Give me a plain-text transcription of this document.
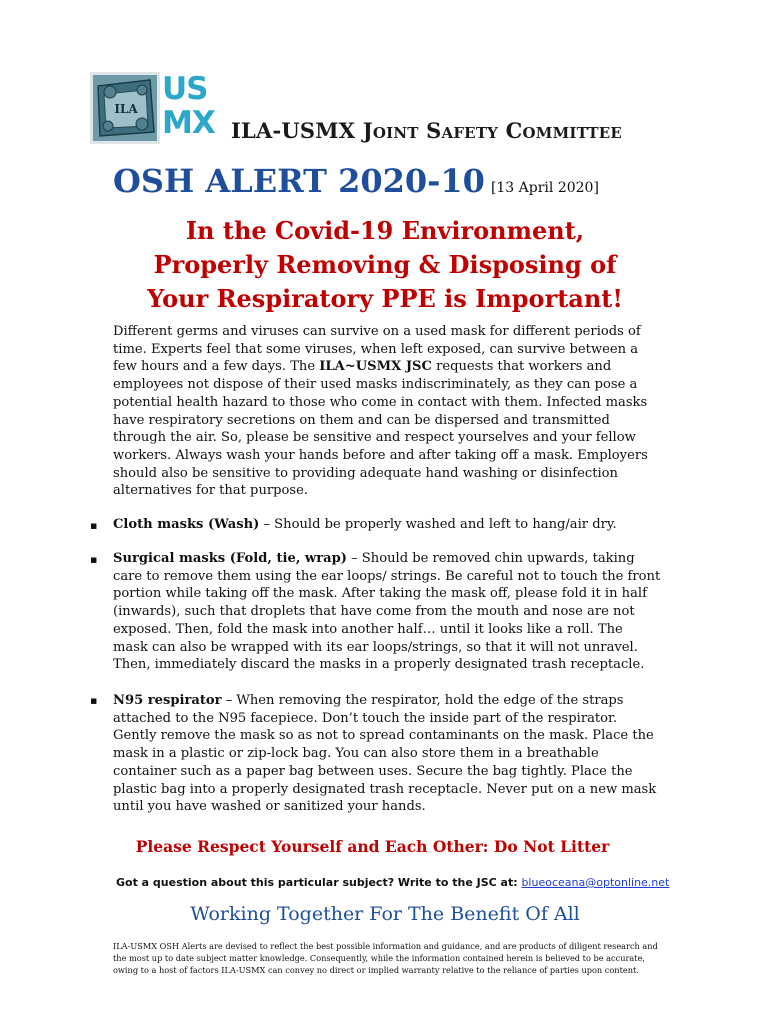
ILA
US
MX ILA-USMX Joint Safety Committee
OSH ALERT 2020-10 [13 April 2020]
In the Covid-19 Environment,
Properly Removing & Disposing of
Your Respiratory PPE is Important!
Different germs and viruses can survive on a used mask for different periods of time. Experts feel that some viruses, when left exposed, can survive between a few hours and a few days. The ILA~USMX JSC requests that workers and employees not dispose of their used masks indiscriminately, as they can pose a potential health hazard to those who come in contact with them. Infected masks have respiratory secretions on them and can be dispersed and transmitted through the air. So, please be sensitive and respect yourselves and your fellow workers. Always wash your hands before and after taking off a mask. Employers should also be sensitive to providing adequate hand washing or disinfection alternatives for that purpose.
▪ Cloth masks (Wash) – Should be properly washed and left to hang/air dry.
▪ Surgical masks (Fold, tie, wrap) – Should be removed chin upwards, taking care to remove them using the ear loops/ strings. Be careful not to touch the front portion while taking off the mask. After taking the mask off, please fold it in half (inwards), such that droplets that have come from the mouth and nose are not exposed. Then, fold the mask into another half… until it looks like a roll. The mask can also be wrapped with its ear loops/strings, so that it will not unravel. Then, immediately discard the masks in a properly designated trash receptacle.
▪ N95 respirator – When removing the respirator, hold the edge of the straps attached to the N95 facepiece. Don’t touch the inside part of the respirator. Gently remove the mask so as not to spread contaminants on the mask. Place the mask in a plastic or zip-lock bag. You can also store them in a breathable container such as a paper bag between uses. Secure the bag tightly. Place the plastic bag into a properly designated trash receptacle. Never put on a new mask until you have washed or sanitized your hands.
Please Respect Yourself and Each Other: Do Not Litter
Got a question about this particular subject? Write to the JSC at: blueoceana@optonline.net
Working Together For The Benefit Of All
ILA-USMX OSH Alerts are devised to reflect the best possible information and guidance, and are products of diligent research and the most up to date subject matter knowledge. Consequently, while the information contained herein is believed to be accurate, owing to a host of factors ILA-USMX can convey no direct or implied warranty relative to the reliance of parties upon content.
